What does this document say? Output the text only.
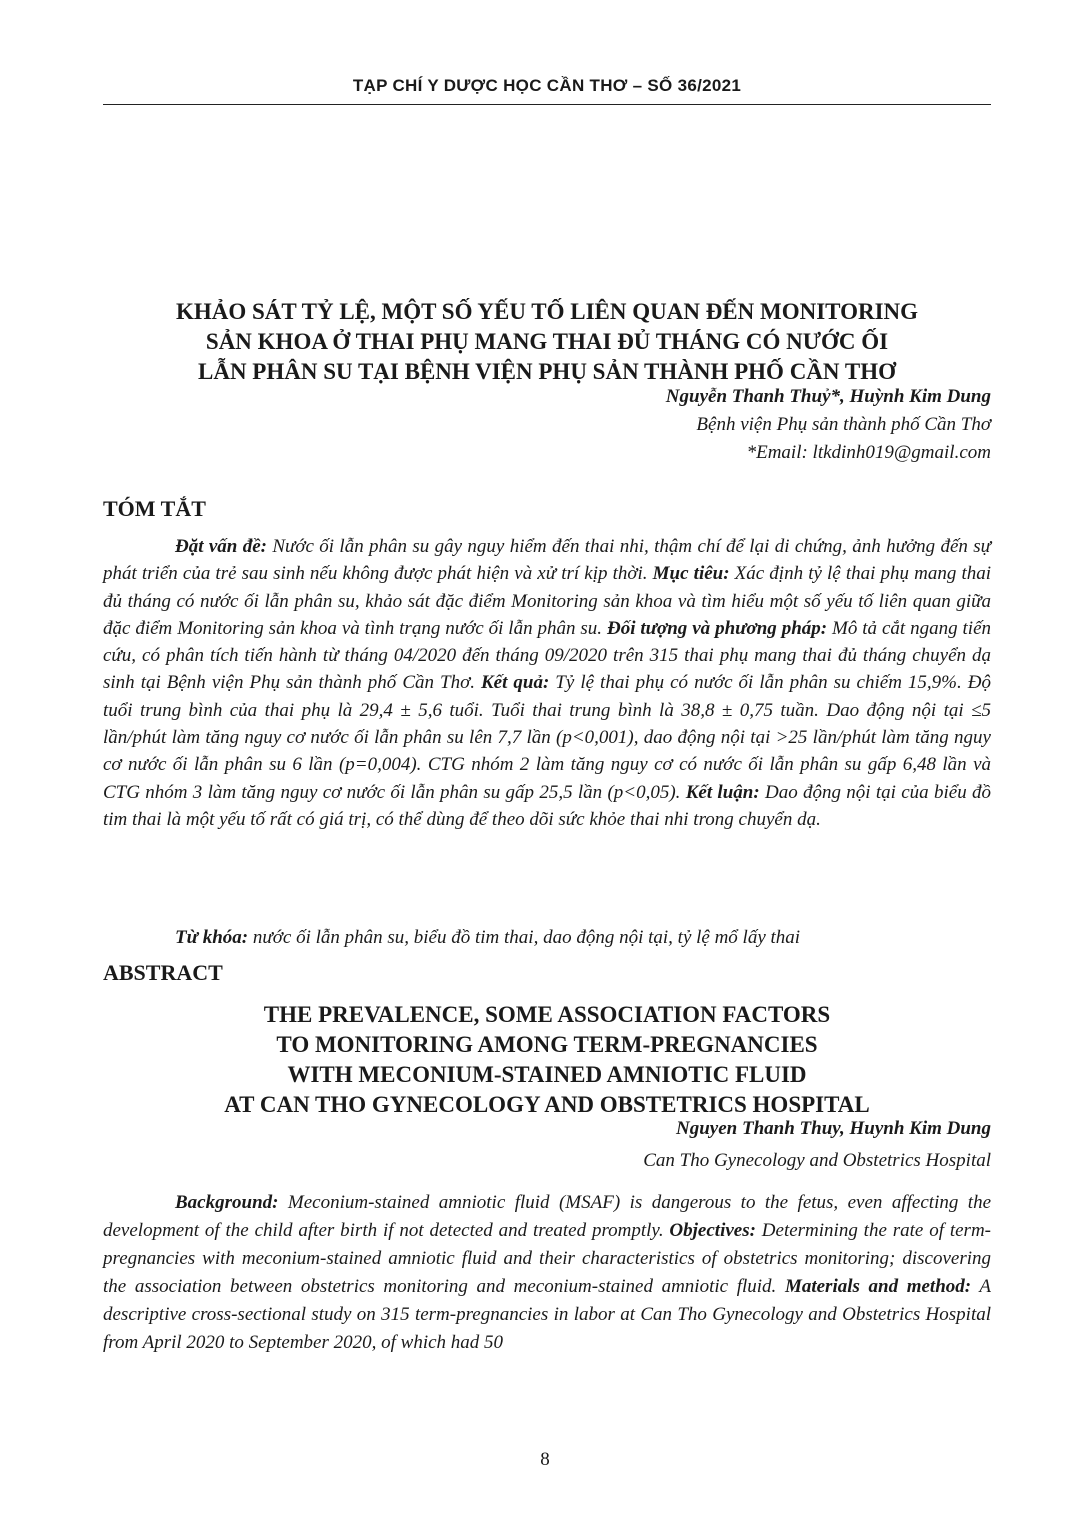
TẠP CHÍ Y DƯỢC HỌC CẦN THƠ – SỐ 36/2021
KHẢO SÁT TỶ LỆ, MỘT SỐ YẾU TỐ LIÊN QUAN ĐẾN MONITORING
SẢN KHOA Ở THAI PHỤ MANG THAI ĐỦ THÁNG CÓ NƯỚC ỐI
LẪN PHÂN SU TẠI BỆNH VIỆN PHỤ SẢN THÀNH PHỐ CẦN THƠ
Nguyễn Thanh Thuỷ*, Huỳnh Kim Dung
Bệnh viện Phụ sản thành phố Cần Thơ
*Email: ltkdinh019@gmail.com
TÓM TẮT
Đặt vấn đề: Nước ối lẫn phân su gây nguy hiểm đến thai nhi, thậm chí để lại di chứng, ảnh hưởng đến sự phát triển của trẻ sau sinh nếu không được phát hiện và xử trí kịp thời. Mục tiêu: Xác định tỷ lệ thai phụ mang thai đủ tháng có nước ối lẫn phân su, khảo sát đặc điểm Monitoring sản khoa và tìm hiểu một số yếu tố liên quan giữa đặc điểm Monitoring sản khoa và tình trạng nước ối lẫn phân su. Đối tượng và phương pháp: Mô tả cắt ngang tiến cứu, có phân tích tiến hành từ tháng 04/2020 đến tháng 09/2020 trên 315 thai phụ mang thai đủ tháng chuyển dạ sinh tại Bệnh viện Phụ sản thành phố Cần Thơ. Kết quả: Tỷ lệ thai phụ có nước ối lẫn phân su chiếm 15,9%. Độ tuổi trung bình của thai phụ là 29,4 ± 5,6 tuổi. Tuổi thai trung bình là 38,8 ± 0,75 tuần. Dao động nội tại ≤5 lần/phút làm tăng nguy cơ nước ối lẫn phân su lên 7,7 lần (p<0,001), dao động nội tại >25 lần/phút làm tăng nguy cơ nước ối lẫn phân su 6 lần (p=0,004). CTG nhóm 2 làm tăng nguy cơ có nước ối lẫn phân su gấp 6,48 lần và CTG nhóm 3 làm tăng nguy cơ nước ối lẫn phân su gấp 25,5 lần (p<0,05). Kết luận: Dao động nội tại của biểu đồ tim thai là một yếu tố rất có giá trị, có thể dùng để theo dõi sức khỏe thai nhi trong chuyển dạ.
Từ khóa: nước ối lẫn phân su, biểu đồ tim thai, dao động nội tại, tỷ lệ mổ lấy thai
ABSTRACT
THE PREVALENCE, SOME ASSOCIATION FACTORS
TO MONITORING AMONG TERM-PREGNANCIES
WITH MECONIUM-STAINED AMNIOTIC FLUID
AT CAN THO GYNECOLOGY AND OBSTETRICS HOSPITAL
Nguyen Thanh Thuy, Huynh Kim Dung
Can Tho Gynecology and Obstetrics Hospital
Background: Meconium-stained amniotic fluid (MSAF) is dangerous to the fetus, even affecting the development of the child after birth if not detected and treated promptly. Objectives: Determining the rate of term-pregnancies with meconium-stained amniotic fluid and their characteristics of obstetrics monitoring; discovering the association between obstetrics monitoring and meconium-stained amniotic fluid. Materials and method: A descriptive cross-sectional study on 315 term-pregnancies in labor at Can Tho Gynecology and Obstetrics Hospital from April 2020 to September 2020, of which had 50
8
